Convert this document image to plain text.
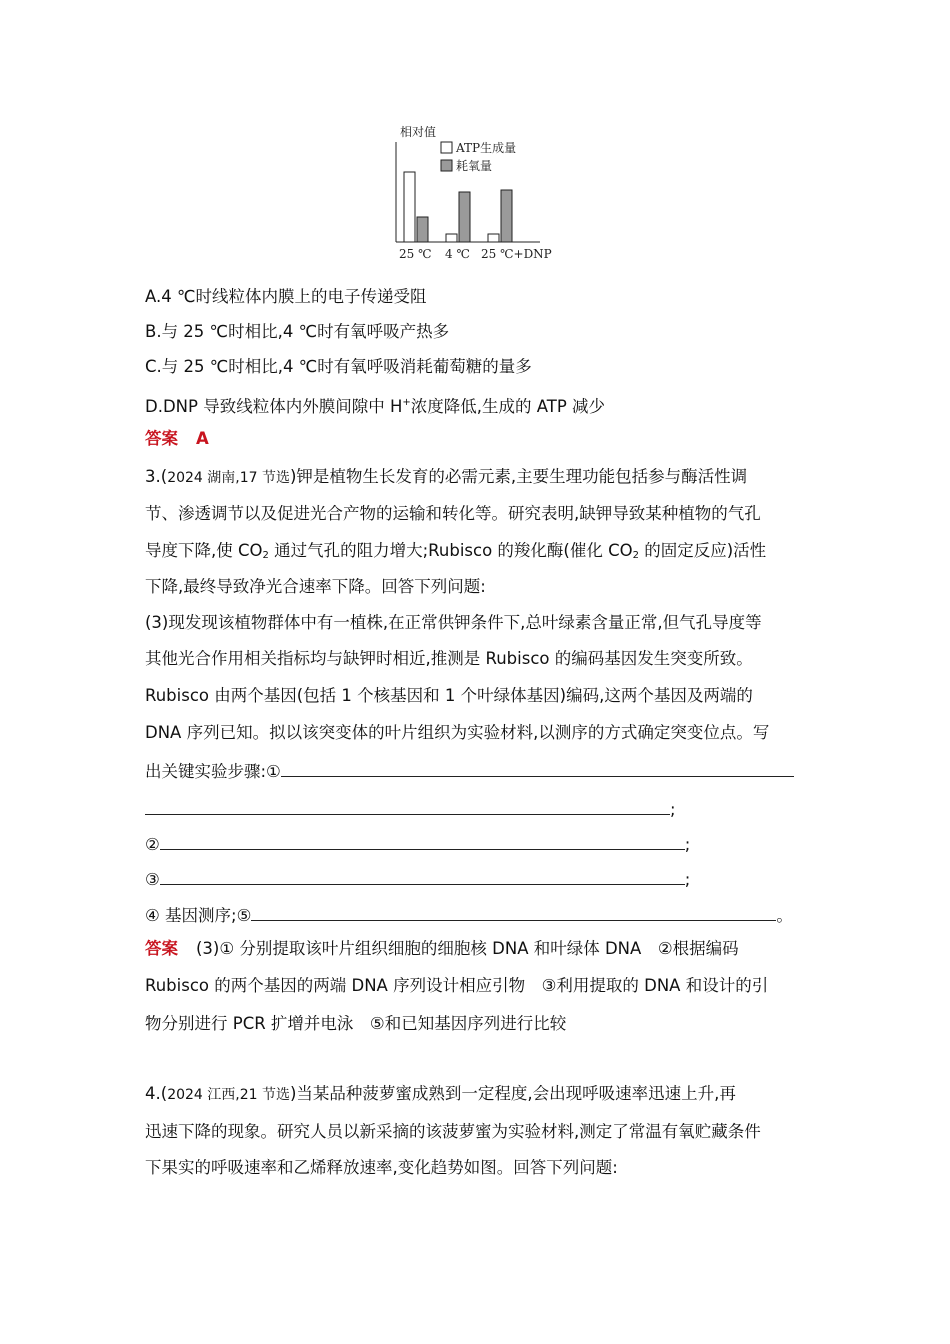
相对值
ATP生成量
耗氧量
25 ℃ 4 ℃ 25 ℃+DNP
A.4 ℃时线粒体内膜上的电子传递受阻
B.与 25 ℃时相比,4 ℃时有氧呼吸产热多
C.与 25 ℃时相比,4 ℃时有氧呼吸消耗葡萄糖的量多
D.DNP 导致线粒体内外膜间隙中 H+浓度降低,生成的 ATP 减少
答案 A
3.(2024 湖南,17 节选)钾是植物生长发育的必需元素,主要生理功能包括参与酶活性调
节、渗透调节以及促进光合产物的运输和转化等。研究表明,缺钾导致某种植物的气孔
导度下降,使 $CO_2$ 通过气孔的阻力增大;Rubisco 的羧化酶(催化 $CO_2$ 的固定反应)活性
下降,最终导致净光合速率下降。回答下列问题:
(3)现发现该植物群体中有一植株,在正常供钾条件下,总叶绿素含量正常,但气孔导度等
其他光合作用相关指标均与缺钾时相近,推测是 Rubisco 的编码基因发生突变所致。
Rubisco 由两个基因(包括 1 个核基因和 1 个叶绿体基因)编码,这两个基因及两端的
DNA 序列已知。拟以该突变体的叶片组织为实验材料,以测序的方式确定突变位点。写
出关键实验步骤:①
;
②	;
③	;
④ 基因测序;⑤	。
答案 (3)① 分别提取该叶片组织细胞的细胞核 DNA 和叶绿体 DNA　②根据编码
Rubisco 的两个基因的两端 DNA 序列设计相应引物　③利用提取的 DNA 和设计的引
物分别进行 PCR 扩增并电泳　⑤和已知基因序列进行比较
4.(2024 江西,21 节选)当某品种菠萝蜜成熟到一定程度,会出现呼吸速率迅速上升,再
迅速下降的现象。研究人员以新采摘的该菠萝蜜为实验材料,测定了常温有氧贮藏条件
下果实的呼吸速率和乙烯释放速率,变化趋势如图。回答下列问题:
